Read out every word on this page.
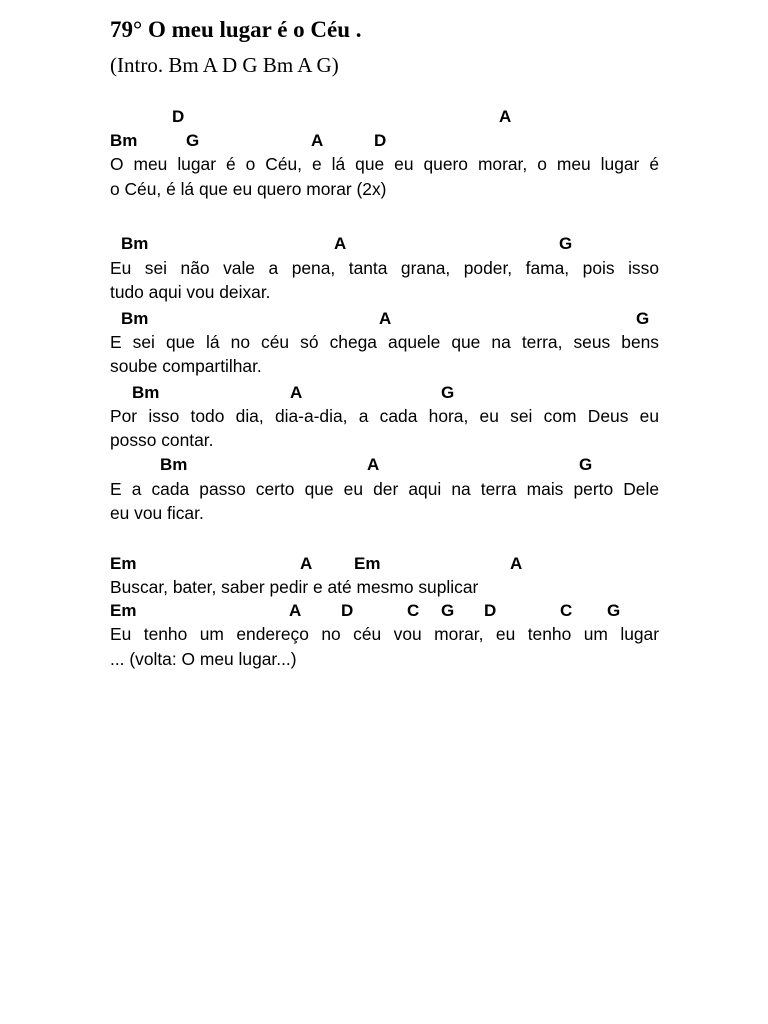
79° O meu lugar é o Céu .

(Intro. Bm A D G Bm A G)

D	A
Bm	G	A	D

O meu lugar é o Céu, e lá que eu quero morar, o meu lugar é

o Céu, é lá que eu quero morar (2x)

Bm	A	G

Eu sei não vale a pena, tanta grana, poder, fama, pois isso

tudo aqui vou deixar.

Bm	A	G

E sei que lá no céu só chega aquele que na terra, seus bens

soube compartilhar.

Bm	A	G

Por isso todo dia, dia-a-dia, a cada hora, eu sei com Deus eu

posso contar.

Bm	A	G

E a cada passo certo que eu der aqui na terra mais perto Dele

eu vou ficar.

Em	A Em	A

Buscar, bater, saber pedir e até mesmo suplicar

Em	A D	C G D	C G

Eu tenho um endereço no céu vou morar, eu tenho um lugar

... (volta: O meu lugar...)
